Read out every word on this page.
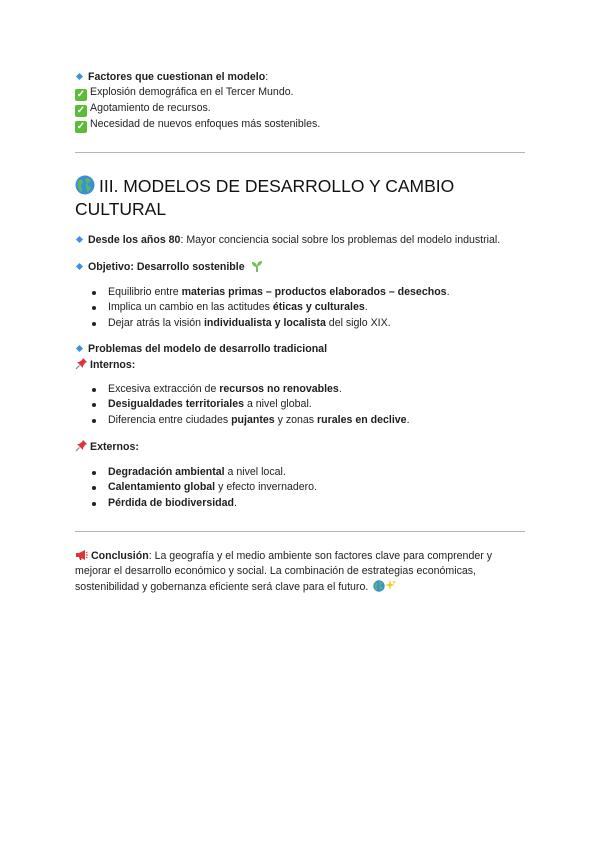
Factores que cuestionan el modelo:
✓ Explosión demográfica en el Tercer Mundo.
✓ Agotamiento de recursos.
✓ Necesidad de nuevos enfoques más sostenibles.
III. MODELOS DE DESARROLLO Y CAMBIO
CULTURAL
Desde los años 80: Mayor conciencia social sobre los problemas del modelo industrial.
Objetivo: Desarrollo sostenible
Equilibrio entre materias primas – productos elaborados – desechos.
Implica un cambio en las actitudes éticas y culturales.
Dejar atrás la visión individualista y localista del siglo XIX.
Problemas del modelo de desarrollo tradicional
Internos:
Excesiva extracción de recursos no renovables.
Desigualdades territoriales a nivel global.
Diferencia entre ciudades pujantes y zonas rurales en declive.
Externos:
Degradación ambiental a nivel local.
Calentamiento global y efecto invernadero.
Pérdida de biodiversidad.
Conclusión: La geografía y el medio ambiente son factores clave para comprender y
mejorar el desarrollo económico y social. La combinación de estrategias económicas,
sostenibilidad y gobernanza eficiente será clave para el futuro.
